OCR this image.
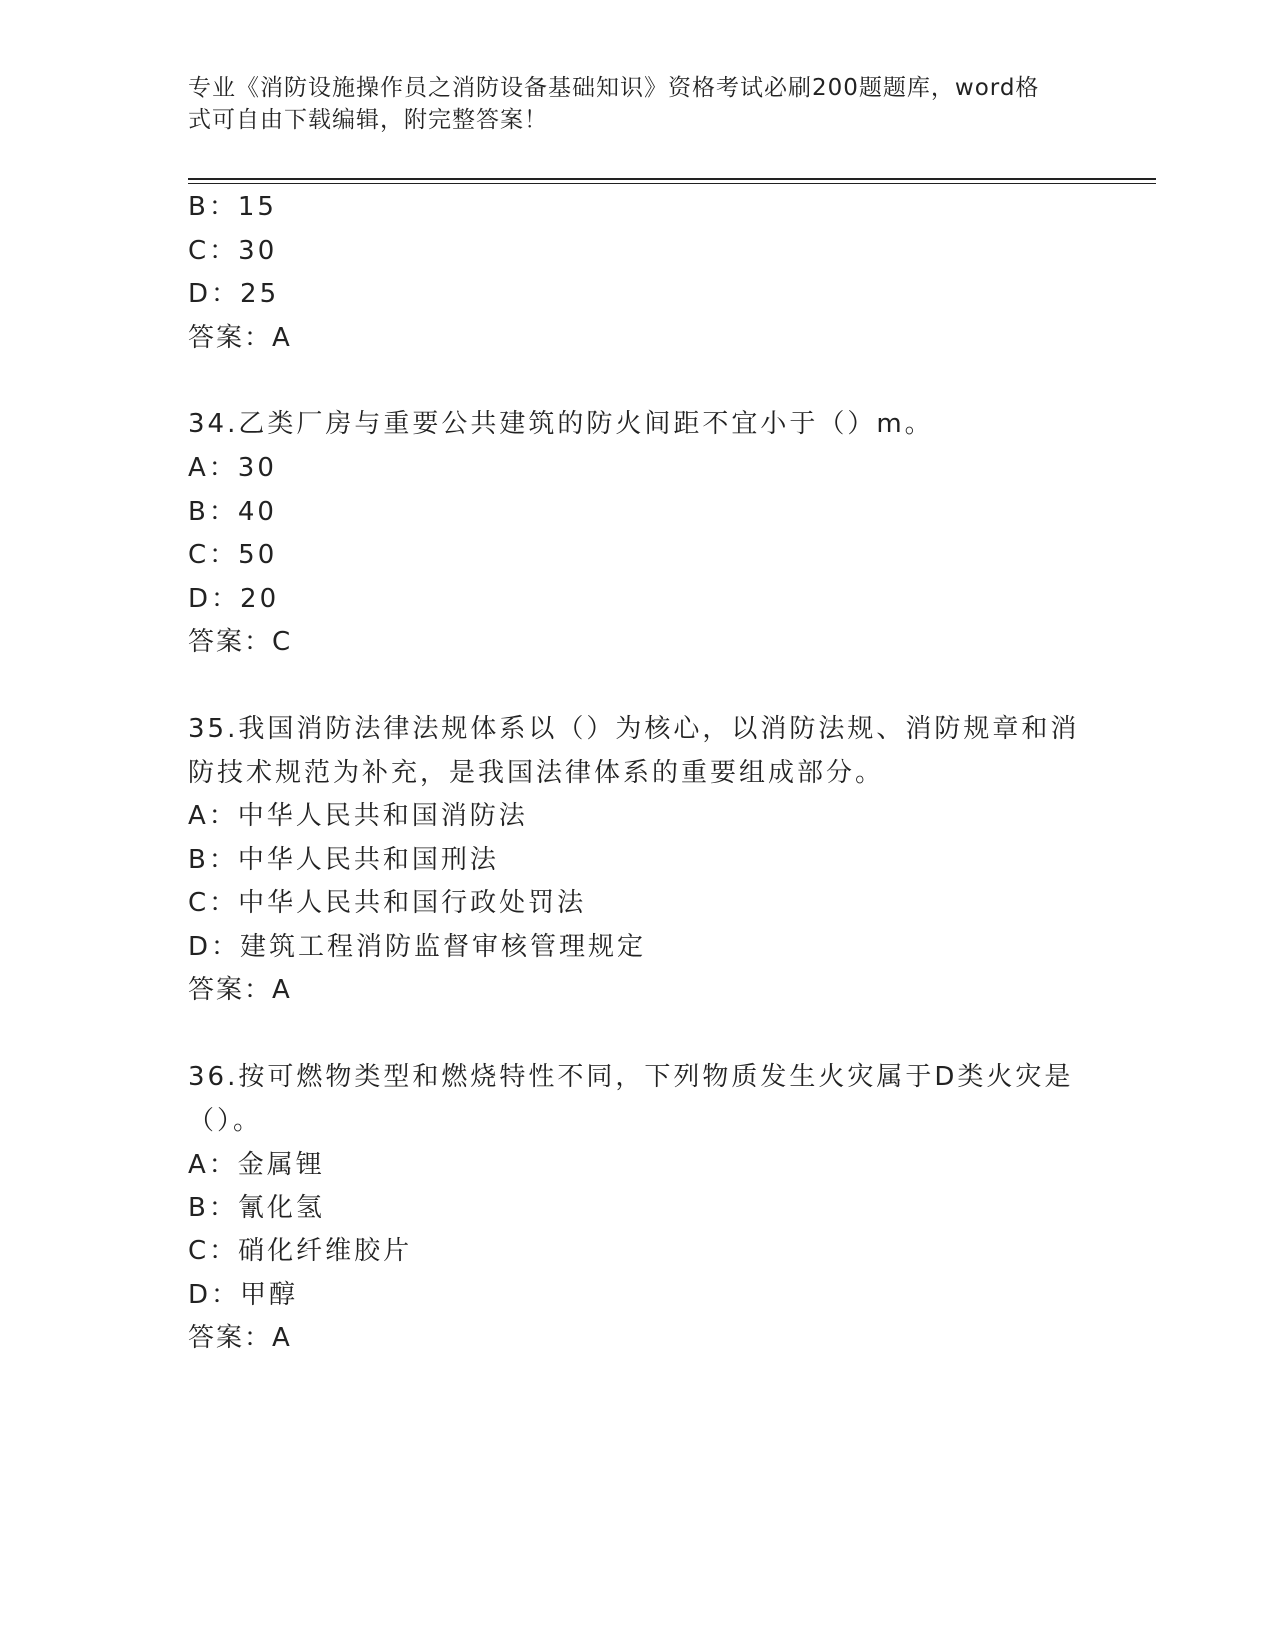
专业《消防设施操作员之消防设备基础知识》资格考试必刷200题题库，word格
式可自由下载编辑，附完整答案！
B：15
C：30
D：25
答案：A
34.乙类厂房与重要公共建筑的防火间距不宜小于（）m。
A：30
B：40
C：50
D：20
答案：C
35.我国消防法律法规体系以（）为核心，以消防法规、消防规章和消
防技术规范为补充，是我国法律体系的重要组成部分。
A：中华人民共和国消防法
B：中华人民共和国刑法
C：中华人民共和国行政处罚法
D：建筑工程消防监督审核管理规定
答案：A
36.按可燃物类型和燃烧特性不同，下列物质发生火灾属于D类火灾是
（）。
A：金属锂
B：氰化氢
C：硝化纤维胶片
D：甲醇
答案：A
